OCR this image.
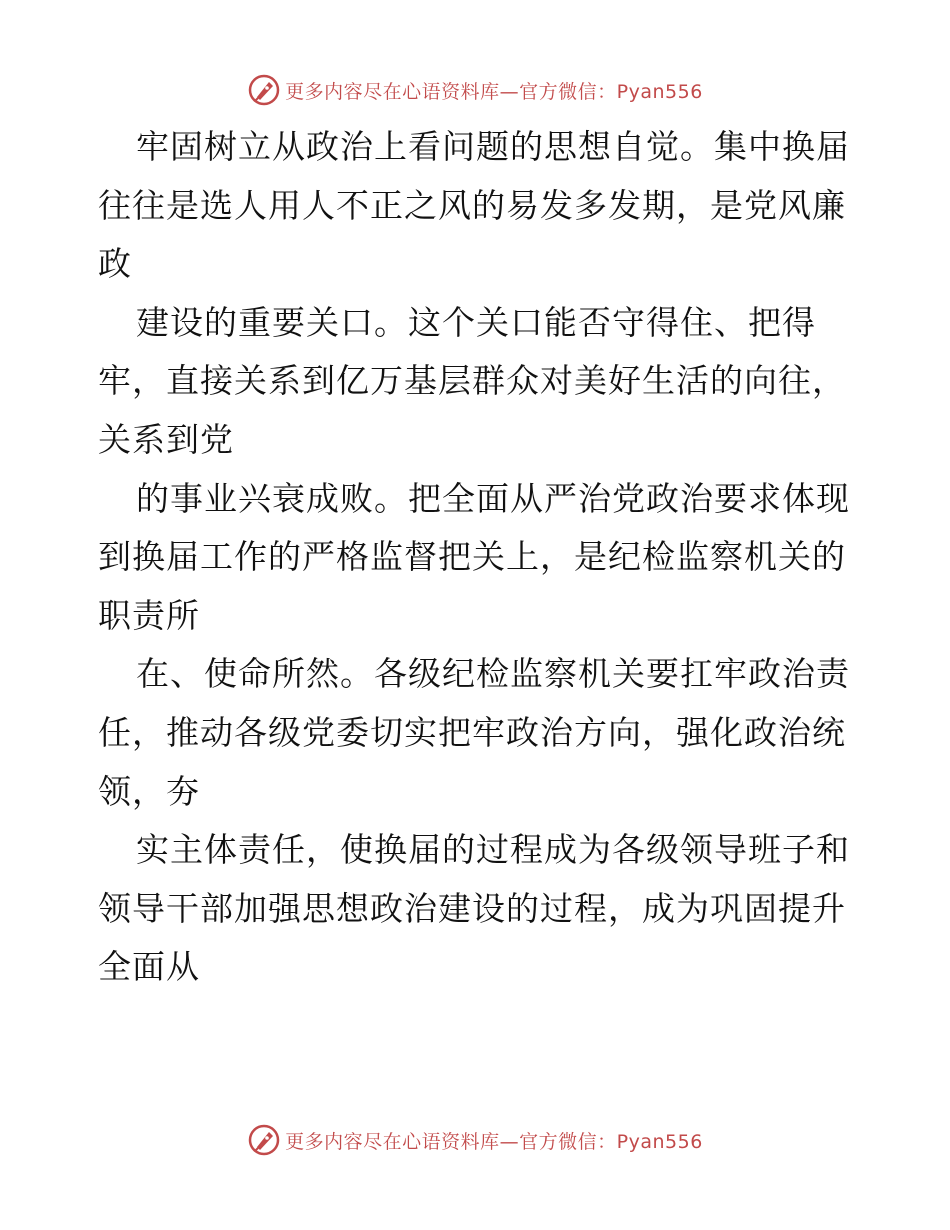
更多内容尽在心语资料库—官方微信：Pyan556

牢固树立从政治上看问题的思想自觉。集中换届往往是选人用人不正之风的易发多发期，是党风廉
政

建设的重要关口。这个关口能否守得住、把得牢，直接关系到亿万基层群众对美好生活的向往，
关系到党

的事业兴衰成败。把全面从严治党政治要求体现到换届工作的严格监督把关上，是纪检监察机关的
职责所

在、使命所然。各级纪检监察机关要扛牢政治责任，推动各级党委切实把牢政治方向，强化政治统
领，夯

实主体责任，使换届的过程成为各级领导班子和领导干部加强思想政治建设的过程，成为巩固提升
全面从

更多内容尽在心语资料库—官方微信：Pyan556
